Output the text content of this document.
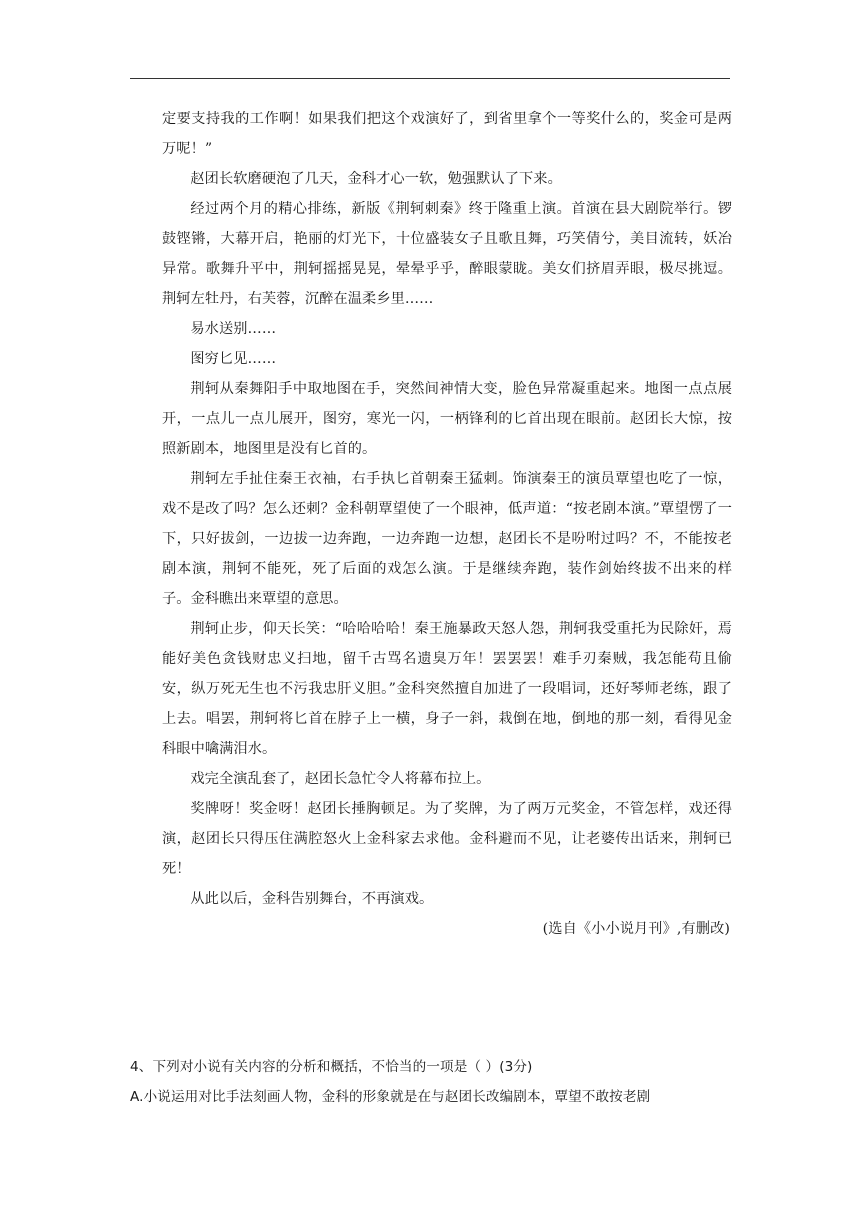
定要支持我的工作啊！如果我们把这个戏演好了，到省里拿个一等奖什么的，奖金可是两万呢！”

赵团长软磨硬泡了几天，金科才心一软，勉强默认了下来。

经过两个月的精心排练，新版《荆轲刺秦》终于隆重上演。首演在县大剧院举行。锣鼓铿锵，大幕开启，艳丽的灯光下，十位盛装女子且歌且舞，巧笑倩兮，美目流转，妖冶异常。歌舞升平中，荆轲摇摇晃晃，晕晕乎乎，醉眼蒙眬。美女们挤眉弄眼，极尽挑逗。荆轲左牡丹，右芙蓉，沉醉在温柔乡里……

易水送别……

图穷匕见……

荆轲从秦舞阳手中取地图在手，突然间神情大变，脸色异常凝重起来。地图一点点展开，一点儿一点儿展开，图穷，寒光一闪，一柄锋利的匕首出现在眼前。赵团长大惊，按照新剧本，地图里是没有匕首的。

荆轲左手扯住秦王衣袖，右手执匕首朝秦王猛刺。饰演秦王的演员覃望也吃了一惊，戏不是改了吗？怎么还刺？金科朝覃望使了一个眼神，低声道：“按老剧本演。”覃望愣了一下，只好拔剑，一边拔一边奔跑，一边奔跑一边想，赵团长不是吩咐过吗？不，不能按老剧本演，荆轲不能死，死了后面的戏怎么演。于是继续奔跑，装作剑始终拔不出来的样子。金科瞧出来覃望的意思。

荆轲止步，仰天长笑：“哈哈哈哈！秦王施暴政天怒人怨，荆轲我受重托为民除奸，焉能好美色贪钱财忠义扫地，留千古骂名遗臭万年！罢罢罢！难手刃秦贼，我怎能苟且偷安，纵万死无生也不污我忠肝义胆。”金科突然擅自加进了一段唱词，还好琴师老练，跟了上去。唱罢，荆轲将匕首在脖子上一横，身子一斜，栽倒在地，倒地的那一刻，看得见金科眼中噙满泪水。

戏完全演乱套了，赵团长急忙令人将幕布拉上。

奖牌呀！奖金呀！赵团长捶胸顿足。为了奖牌，为了两万元奖金，不管怎样，戏还得演，赵团长只得压住满腔怒火上金科家去求他。金科避而不见，让老婆传出话来，荆轲已死！

从此以后，金科告别舞台，不再演戏。

(选自《小小说月刊》,有删改)

4、下列对小说有关内容的分析和概括，不恰当的一项是（ ）(3分)

A.小说运用对比手法刻画人物，金科的形象就是在与赵团长改编剧本，覃望不敢按老剧
